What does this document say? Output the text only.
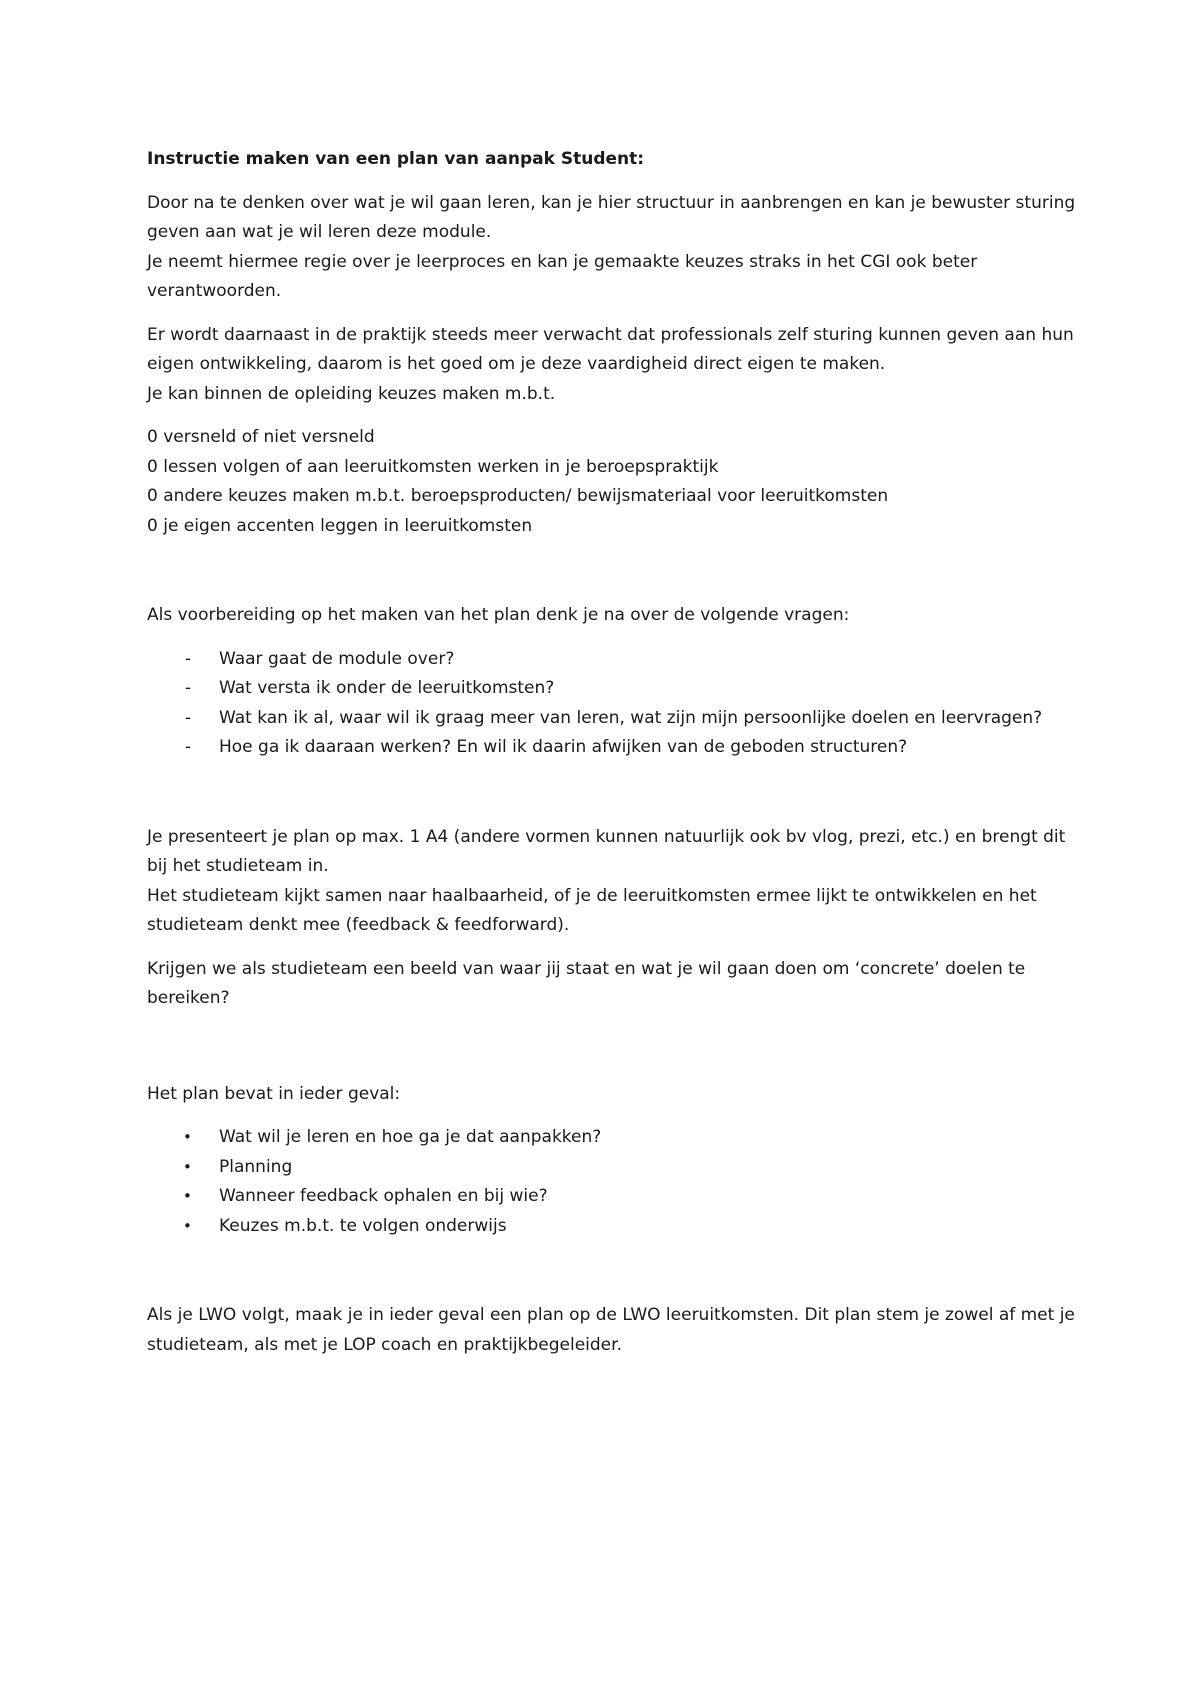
Instructie maken van een plan van aanpak Student:

Door na te denken over wat je wil gaan leren, kan je hier structuur in aanbrengen en kan je bewuster sturing geven aan wat je wil leren deze module.
Je neemt hiermee regie over je leerproces en kan je gemaakte keuzes straks in het CGI ook beter verantwoorden.

Er wordt daarnaast in de praktijk steeds meer verwacht dat professionals zelf sturing kunnen geven aan hun eigen ontwikkeling, daarom is het goed om je deze vaardigheid direct eigen te maken.
Je kan binnen de opleiding keuzes maken m.b.t.

0 versneld of niet versneld
0 lessen volgen of aan leeruitkomsten werken in je beroepspraktijk
0 andere keuzes maken m.b.t. beroepsproducten/ bewijsmateriaal voor leeruitkomsten
0 je eigen accenten leggen in leeruitkomsten

Als voorbereiding op het maken van het plan denk je na over de volgende vragen:

- Waar gaat de module over?
- Wat versta ik onder de leeruitkomsten?
- Wat kan ik al, waar wil ik graag meer van leren, wat zijn mijn persoonlijke doelen en leervragen?
- Hoe ga ik daaraan werken? En wil ik daarin afwijken van de geboden structuren?

Je presenteert je plan op max. 1 A4 (andere vormen kunnen natuurlijk ook bv vlog, prezi, etc.) en brengt dit bij het studieteam in.
Het studieteam kijkt samen naar haalbaarheid, of je de leeruitkomsten ermee lijkt te ontwikkelen en het studieteam denkt mee (feedback & feedforward).

Krijgen we als studieteam een beeld van waar jij staat en wat je wil gaan doen om ‘concrete’ doelen te bereiken?

Het plan bevat in ieder geval:

• Wat wil je leren en hoe ga je dat aanpakken?
• Planning
• Wanneer feedback ophalen en bij wie?
• Keuzes m.b.t. te volgen onderwijs

Als je LWO volgt, maak je in ieder geval een plan op de LWO leeruitkomsten. Dit plan stem je zowel af met je studieteam, als met je LOP coach en praktijkbegeleider.
